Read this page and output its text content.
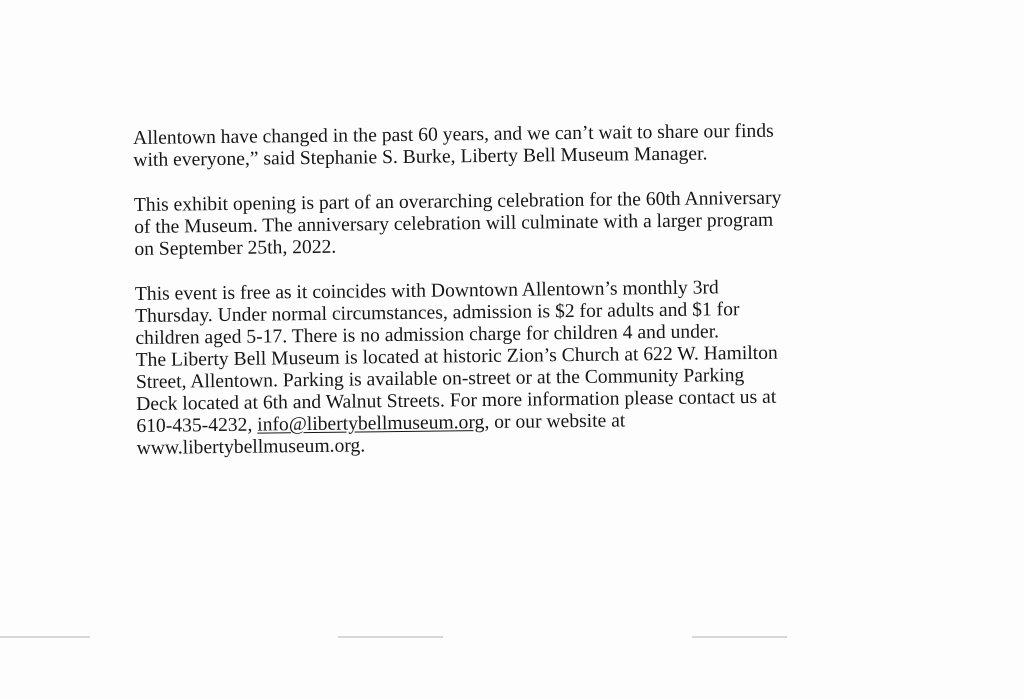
Allentown have changed in the past 60 years, and we can’t wait to share our finds
with everyone,” said Stephanie S. Burke, Liberty Bell Museum Manager.

This exhibit opening is part of an overarching celebration for the 60th Anniversary
of the Museum. The anniversary celebration will culminate with a larger program
on September 25th, 2022.

This event is free as it coincides with Downtown Allentown’s monthly 3rd
Thursday. Under normal circumstances, admission is $2 for adults and $1 for
children aged 5-17. There is no admission charge for children 4 and under.

The Liberty Bell Museum is located at historic Zion’s Church at 622 W. Hamilton
Street, Allentown. Parking is available on-street or at the Community Parking
Deck located at 6th and Walnut Streets. For more information please contact us at
610-435-4232, info@libertybellmuseum.org, or our website at
www.libertybellmuseum.org.
